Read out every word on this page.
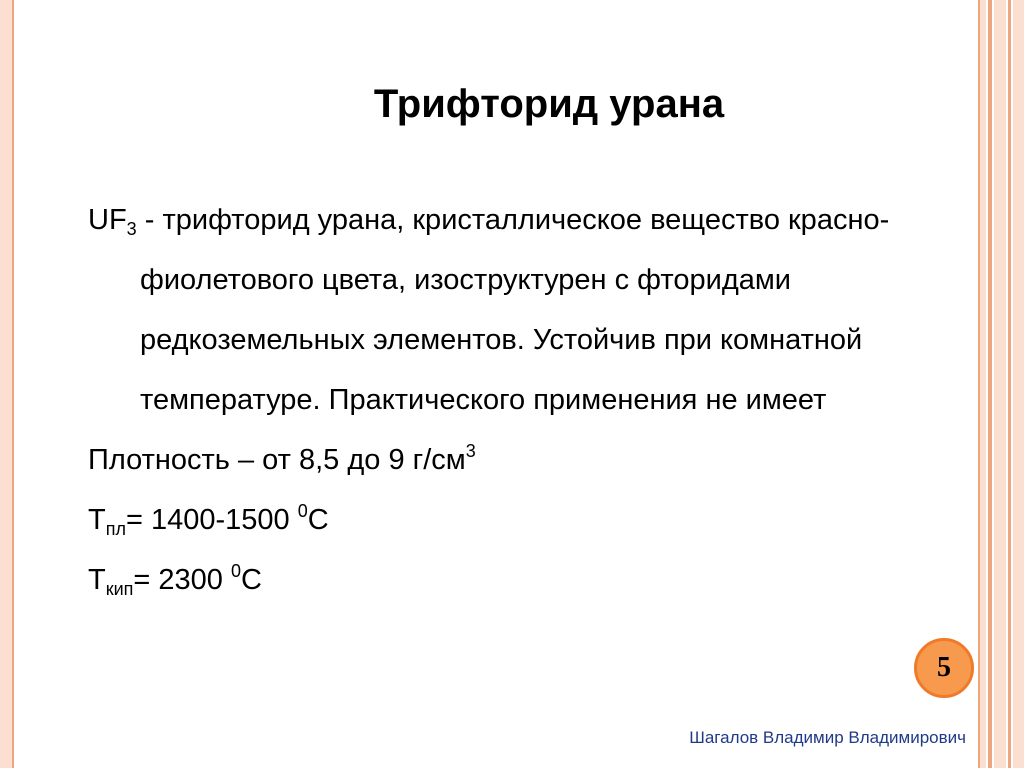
Трифторид урана
$UF_3$ - трифторид урана, кристаллическое вещество красно-фиолетового цвета, изоструктурен с фторидами редкоземельных элементов. Устойчив при комнатной температуре. Практического применения не имеет
Плотность – от 8,5 до 9 $г/см^3$
$T_{пл}= 1400-1500$ $^0$C
$T_{кип}= 2300$ $^0$C
5
Шагалов Владимир Владимирович
